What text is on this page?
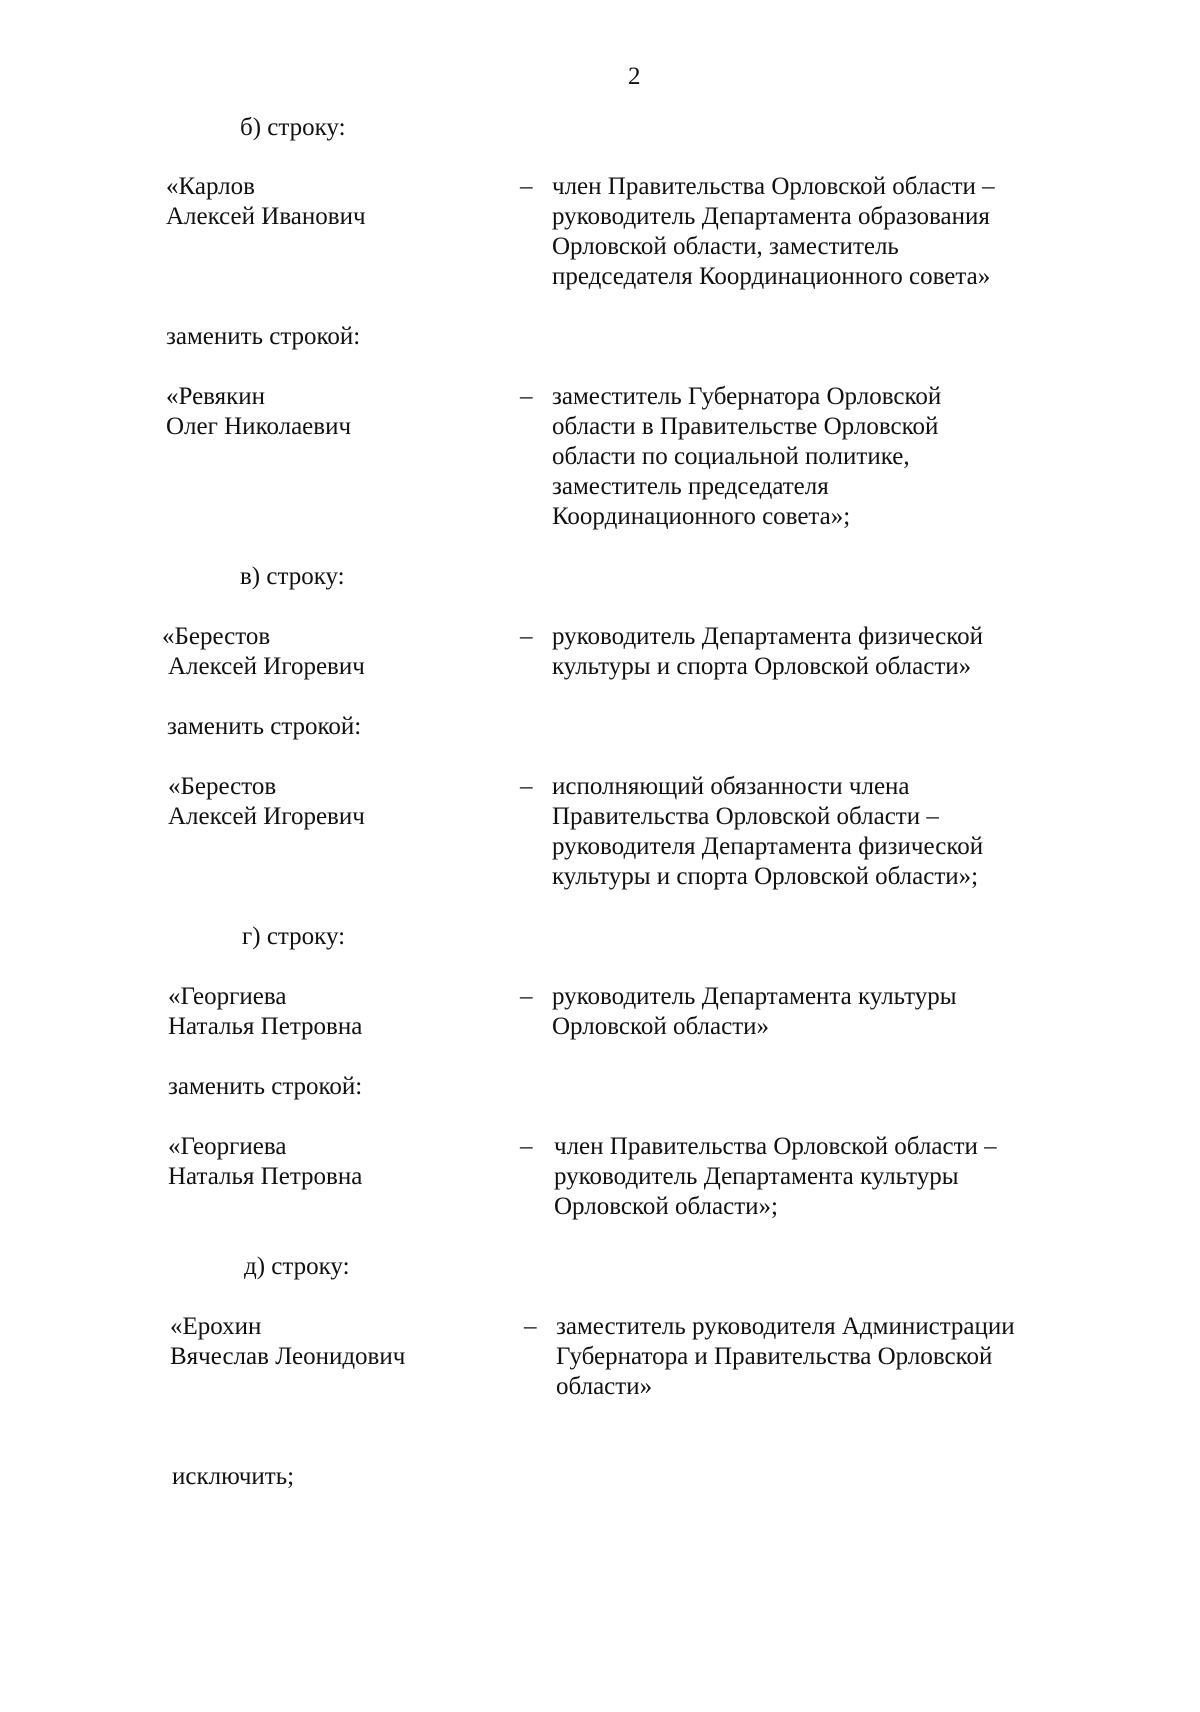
2
б) строку:
«Карлов
Алексей Иванович
– член Правительства Орловской области –
руководитель Департамента образования
Орловской области, заместитель
председателя Координационного совета»
заменить строкой:
«Ревякин
Олег Николаевич
– заместитель Губернатора Орловской
области в Правительстве Орловской
области по социальной политике,
заместитель председателя
Координационного совета»;
в) строку:
«Берестов
Алексей Игоревич
– руководитель Департамента физической
культуры и спорта Орловской области»
заменить строкой:
«Берестов
Алексей Игоревич
– исполняющий обязанности члена
Правительства Орловской области –
руководителя Департамента физической
культуры и спорта Орловской области»;
г) строку:
«Георгиева
Наталья Петровна
– руководитель Департамента культуры
Орловской области»
заменить строкой:
«Георгиева
Наталья Петровна
– член Правительства Орловской области –
руководитель Департамента культуры
Орловской области»;
д) строку:
«Ерохин
Вячеслав Леонидович
– заместитель руководителя Администрации
Губернатора и Правительства Орловской
области»
исключить;
